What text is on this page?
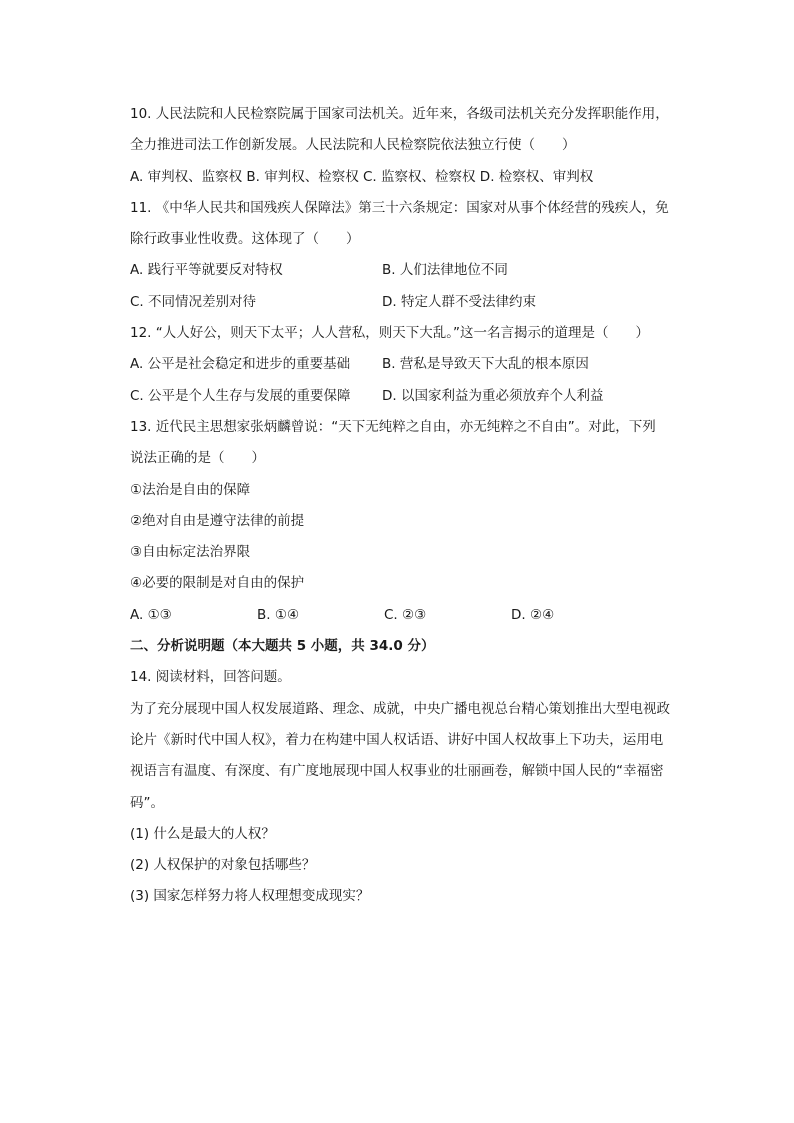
10. 人民法院和人民检察院属于国家司法机关。近年来，各级司法机关充分发挥职能作用，
全力推进司法工作创新发展。人民法院和人民检察院依法独立行使（　　）
A. 审判权、监察权 B. 审判权、检察权 C. 监察权、检察权 D. 检察权、审判权
11. 《中华人民共和国残疾人保障法》第三十六条规定：国家对从事个体经营的残疾人，免
除行政事业性收费。这体现了（　　）
A. 践行平等就要反对特权	B. 人们法律地位不同
C. 不同情况差别对待	D. 特定人群不受法律约束
12. “人人好公，则天下太平；人人营私，则天下大乱。”这一名言揭示的道理是（　　）
A. 公平是社会稳定和进步的重要基础	B. 营私是导致天下大乱的根本原因
C. 公平是个人生存与发展的重要保障	D. 以国家利益为重必须放弃个人利益
13. 近代民主思想家张炳麟曾说：“天下无纯粹之自由，亦无纯粹之不自由”。对此，下列
说法正确的是（　　）
①法治是自由的保障
②绝对自由是遵守法律的前提
③自由标定法治界限
④必要的限制是对自由的保护
A. ①③	B. ①④	C. ②③	D. ②④
二、分析说明题（本大题共 5 小题，共 34.0 分）
14. 阅读材料，回答问题。
为了充分展现中国人权发展道路、理念、成就，中央广播电视总台精心策划推出大型电视政
论片《新时代中国人权》，着力在构建中国人权话语、讲好中国人权故事上下功夫，运用电
视语言有温度、有深度、有广度地展现中国人权事业的壮丽画卷，解锁中国人民的“幸福密
码”。
(1) 什么是最大的人权？
(2) 人权保护的对象包括哪些？
(3) 国家怎样努力将人权理想变成现实？
